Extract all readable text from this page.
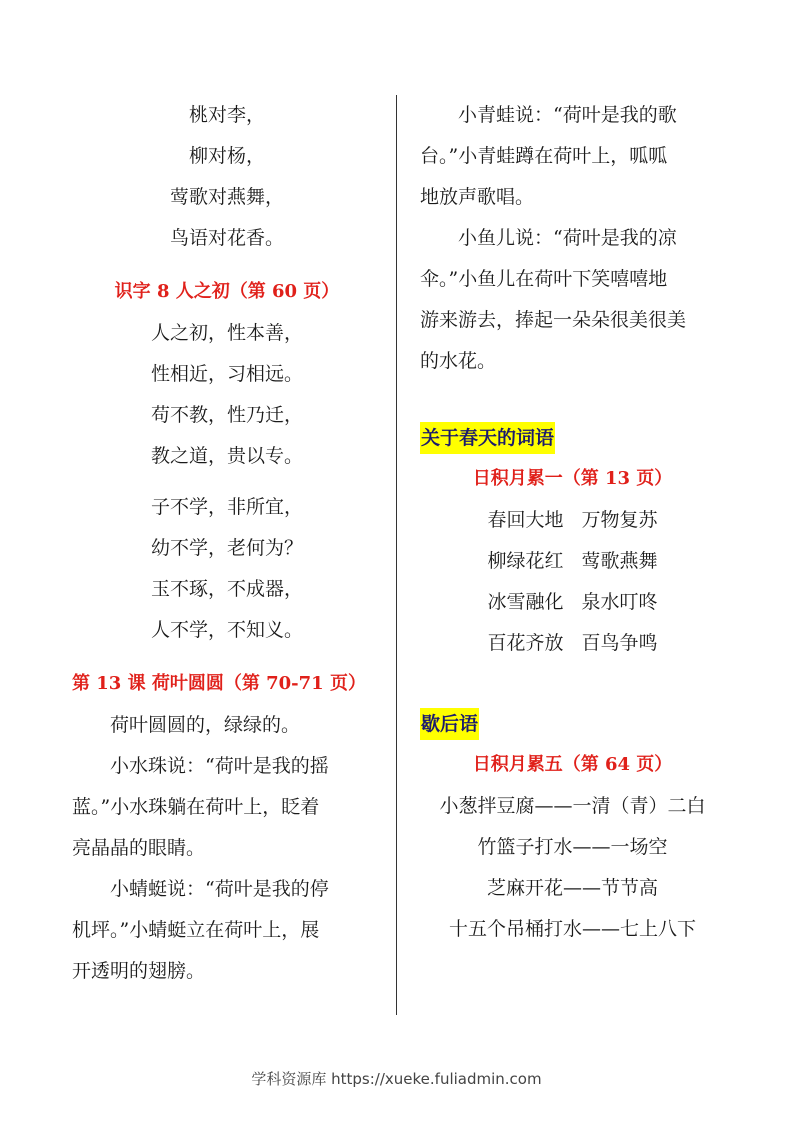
桃对李，
柳对杨，
莺歌对燕舞，
鸟语对花香。
识字 8 人之初（第 60 页）
人之初，性本善，
性相近，习相远。
苟不教，性乃迁，
教之道，贵以专。
子不学，非所宜，
幼不学，老何为？
玉不琢，不成器，
人不学，不知义。
第 13 课 荷叶圆圆（第 70-71 页）
荷叶圆圆的，绿绿的。
小水珠说：“荷叶是我的摇
蓝。”小水珠躺在荷叶上，眨着
亮晶晶的眼睛。
小蜻蜓说：“荷叶是我的停
机坪。”小蜻蜓立在荷叶上，展
开透明的翅膀。
小青蛙说：“荷叶是我的歌
台。”小青蛙蹲在荷叶上，呱呱
地放声歌唱。
小鱼儿说：“荷叶是我的凉
伞。”小鱼儿在荷叶下笑嘻嘻地
游来游去，捧起一朵朵很美很美
的水花。
关于春天的词语
日积月累一（第 13 页）
春回大地   万物复苏
柳绿花红   莺歌燕舞
冰雪融化   泉水叮咚
百花齐放   百鸟争鸣
歇后语
日积月累五（第 64 页）
小葱拌豆腐——一清（青）二白
竹篮子打水——一场空
芝麻开花——节节高
十五个吊桶打水——七上八下
学科资源库 https://xueke.fuliadmin.com
